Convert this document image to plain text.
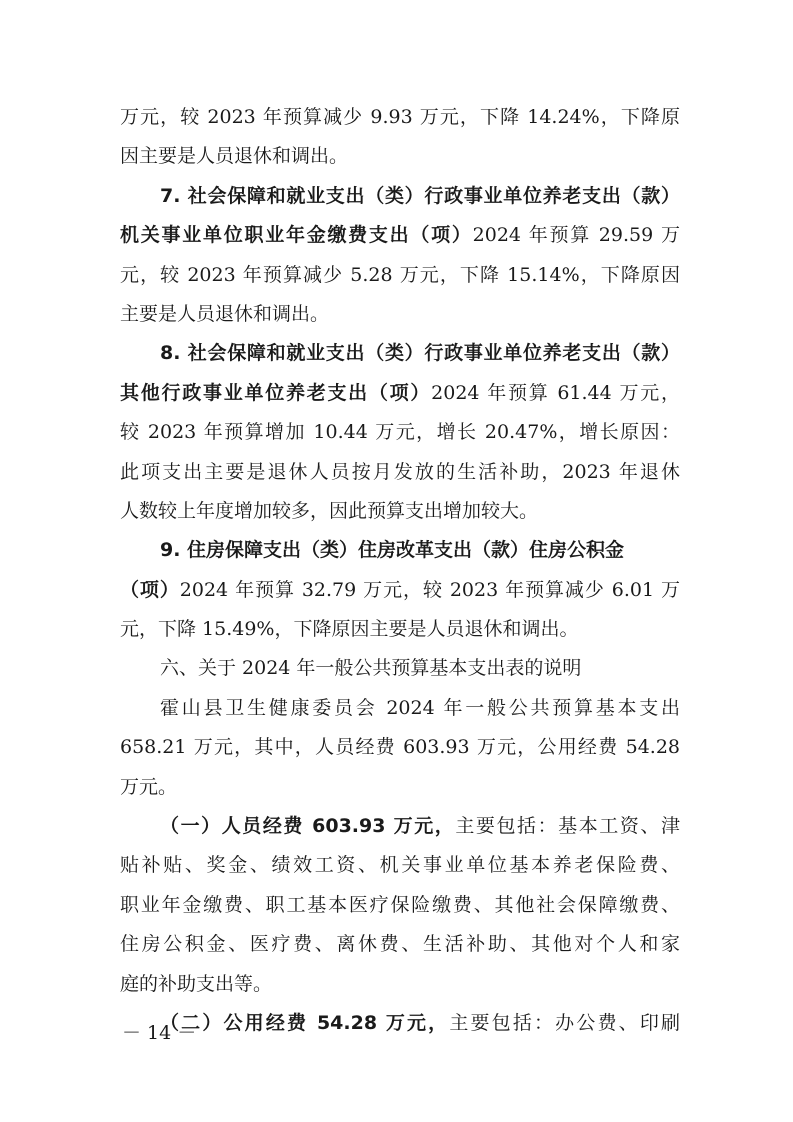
万元，较 2023 年预算减少 9.93 万元，下降 14.24%，下降原
因主要是人员退休和调出。
7. 社会保障和就业支出（类）行政事业单位养老支出（款）
机关事业单位职业年金缴费支出（项）2024 年预算 29.59 万
元，较 2023 年预算减少 5.28 万元，下降 15.14%，下降原因
主要是人员退休和调出。
8. 社会保障和就业支出（类）行政事业单位养老支出（款）
其他行政事业单位养老支出（项）2024 年预算 61.44 万元，
较 2023 年预算增加 10.44 万元，增长 20.47%，增长原因：
此项支出主要是退休人员按月发放的生活补助，2023 年退休
人数较上年度增加较多，因此预算支出增加较大。
9. 住房保障支出（类）住房改革支出（款）住房公积金
（项）2024 年预算 32.79 万元，较 2023 年预算减少 6.01 万
元，下降 15.49%，下降原因主要是人员退休和调出。
六、关于 2024 年一般公共预算基本支出表的说明
霍山县卫生健康委员会 2024 年一般公共预算基本支出
658.21 万元，其中，人员经费 603.93 万元，公用经费 54.28
万元。
（一）人员经费 603.93 万元，主要包括：基本工资、津
贴补贴、奖金、绩效工资、机关事业单位基本养老保险费、
职业年金缴费、职工基本医疗保险缴费、其他社会保障缴费、
住房公积金、医疗费、离休费、生活补助、其他对个人和家
庭的补助支出等。
（二）公用经费 54.28 万元，主要包括：办公费、印刷
－ 14 －
